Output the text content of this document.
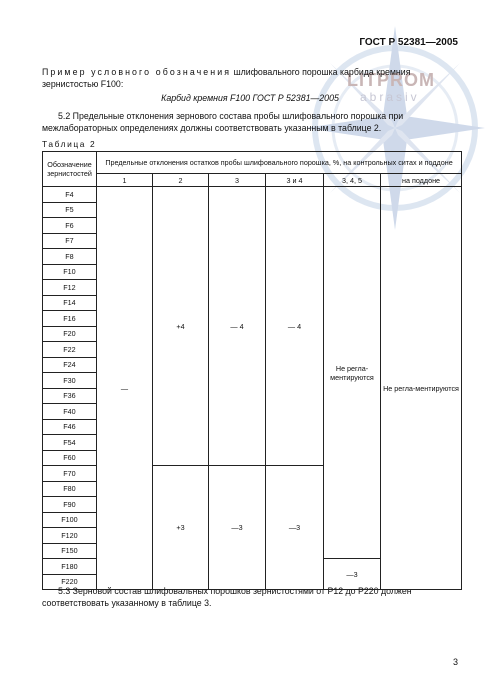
LITPROM
abrasiv
ГОСТ Р 52381—2005
Пример условного обозначения шлифовального порошка карбида кремния зернистостью F100:
Карбид кремния F100 ГОСТ Р 52381—2005
5.2 Предельные отклонения зернового состава пробы шлифовального порошка при межлабораторных определениях должны соответствовать указанным в таблице 2.
Таблица 2
Обозначение зернистостей	Предельные отклонения остатков пробы шлифовального порошка, %, на контрольных ситах и поддоне					
	1	2	3	3 и 4	3, 4, 5	на поддоне
F4	—	+4	— 4	— 4	Не регла-ментируются	Не регла-ментируются
F5						
F6						
F7						
F8						
F10						
F12						
F14						
F16						
F20						
F22						
F24						
F30						
F36						
F40						
F46						
F54						
F60						
F70		+3	—3	—3		
F80						
F90						
F100						
F120						
F150						
F180					—3	
F220						
5.3 Зерновой состав шлифовальных порошков зернистостями от Р12 до Р220 должен соответствовать указанному в таблице 3.
3
